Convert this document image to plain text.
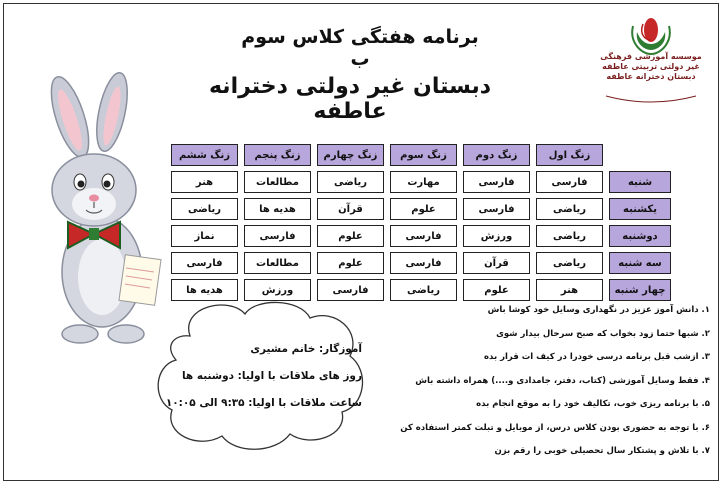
برنامه هفتگی کلاس سوم ب
دبستان غیر دولتی دخترانه عاطفه
موسسه آموزشی فرهنگی
غیر دولتی تربیتی عاطفه
دبستان دخترانه عاطفه
	زنگ اول	زنگ دوم	زنگ سوم	زنگ چهارم	زنگ پنجم	زنگ ششم
شنبه	فارسی	فارسی	مهارت	ریاضی	مطالعات	هنر
یکشنبه	ریاضی	فارسی	علوم	قرآن	هدیه ها	ریاضی
دوشنبه	ریاضی	ورزش	فارسی	علوم	فارسی	نماز
سه شنبه	ریاضی	قرآن	فارسی	علوم	مطالعات	فارسی
چهار شنبه	هنر	علوم	ریاضی	فارسی	ورزش	هدیه ها
آموزگار: خانم مشیری
روز های ملاقات با اولیا: دوشنبه ها
ساعت ملاقات با اولیا: ۹:۳۵ الی ۱۰:۰۵
۱. دانش آموز عزیز در نگهداری وسایل خود کوشا باش
۲. شبها حتما زود بخواب که صبح سرحال بیدار شوی
۳. ازشب قبل برنامه درسی خودرا در کیف ات قرار بده
۴. فقط وسایل آموزشی (کتاب، دفتر، جامدادی و....) همراه داشته باش
۵. با برنامه ریزی خوب، تکالیف خود را به موقع انجام بده
۶. با توجه به حضوری بودن کلاس درس، از موبایل و تبلت کمتر استفاده کن
۷. با تلاش و پشتکار سال تحصیلی خوبی را رقم بزن
